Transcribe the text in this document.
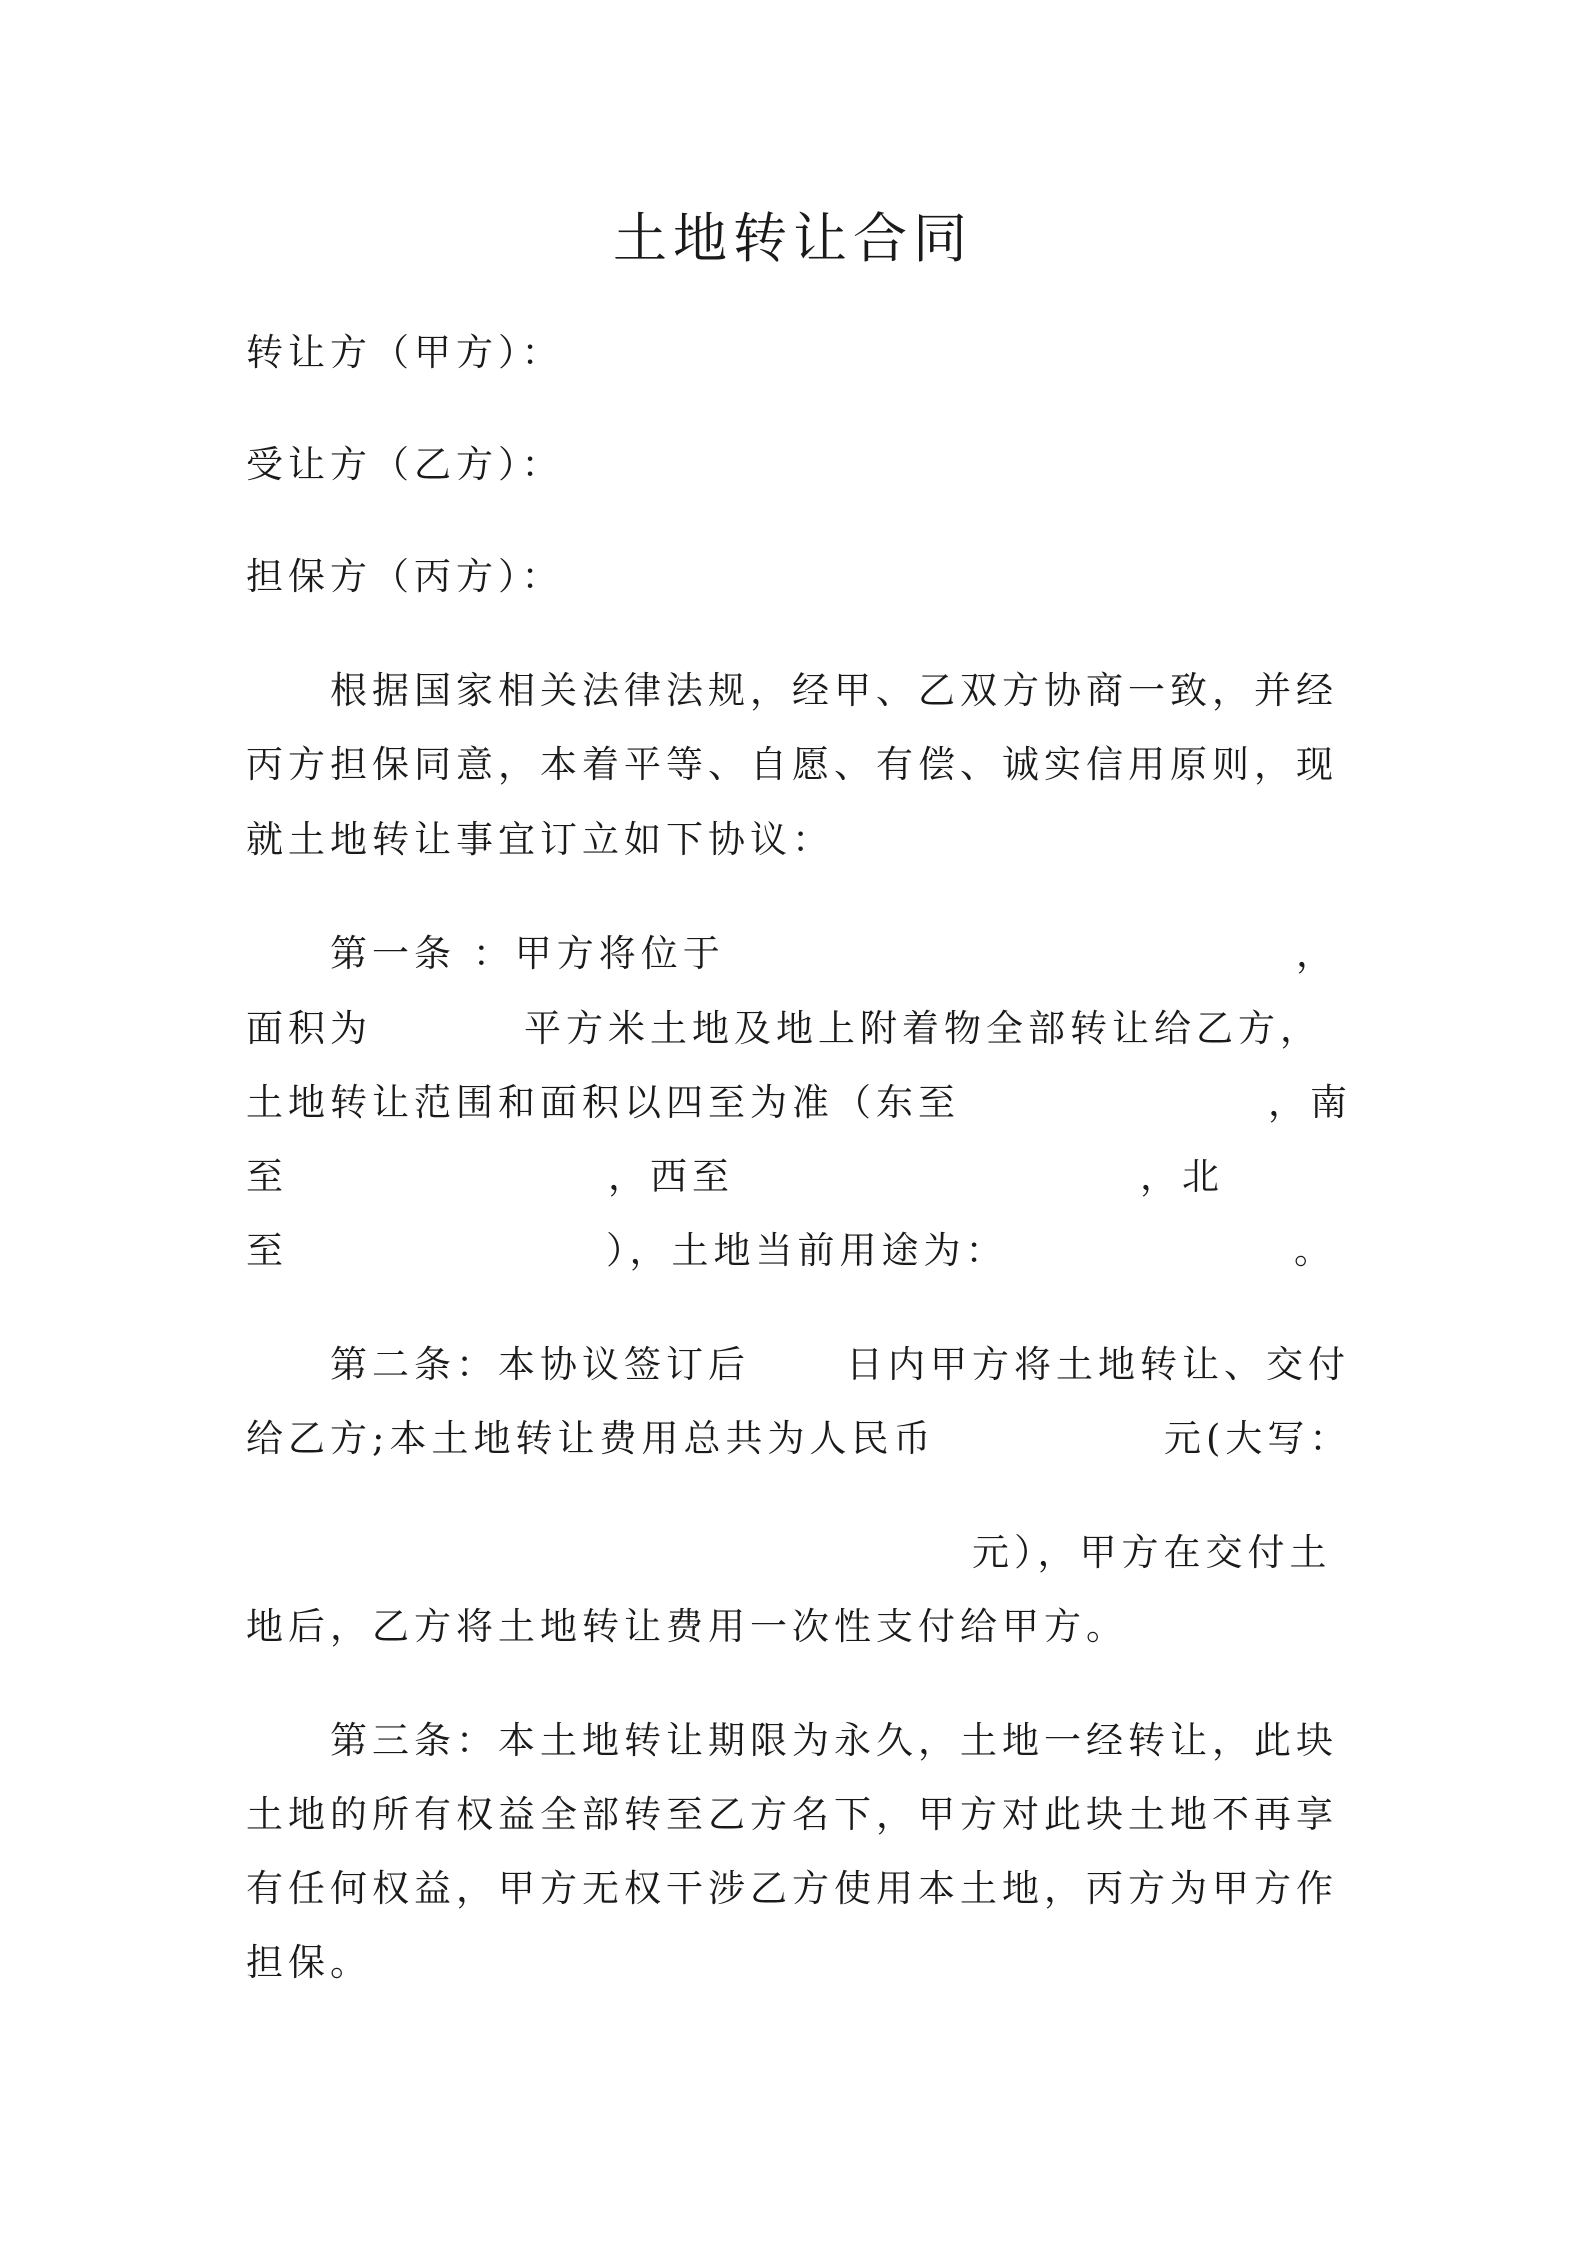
土地转让合同
转让方（甲方）：
受让方（乙方）：
担保方（丙方）：
根据国家相关法律法规，经甲、乙双方协商一致，并经
丙方担保同意，本着平等、自愿、有偿、诚实信用原则，现
就土地转让事宜订立如下协议：
第一条 ：甲方将位于	，
面积为	平方米土地及地上附着物全部转让给乙方，
土地转让范围和面积以四至为准（东至	，南
至	，西至	，北
至	），土地当前用途为：	。
第二条：本协议签订后	日内甲方将土地转让、交付
给乙方;本土地转让费用总共为人民币	元(大写：
元），甲方在交付土
地后，乙方将土地转让费用一次性支付给甲方。
第三条：本土地转让期限为永久，土地一经转让，此块
土地的所有权益全部转至乙方名下，甲方对此块土地不再享
有任何权益，甲方无权干涉乙方使用本土地，丙方为甲方作
担保。
